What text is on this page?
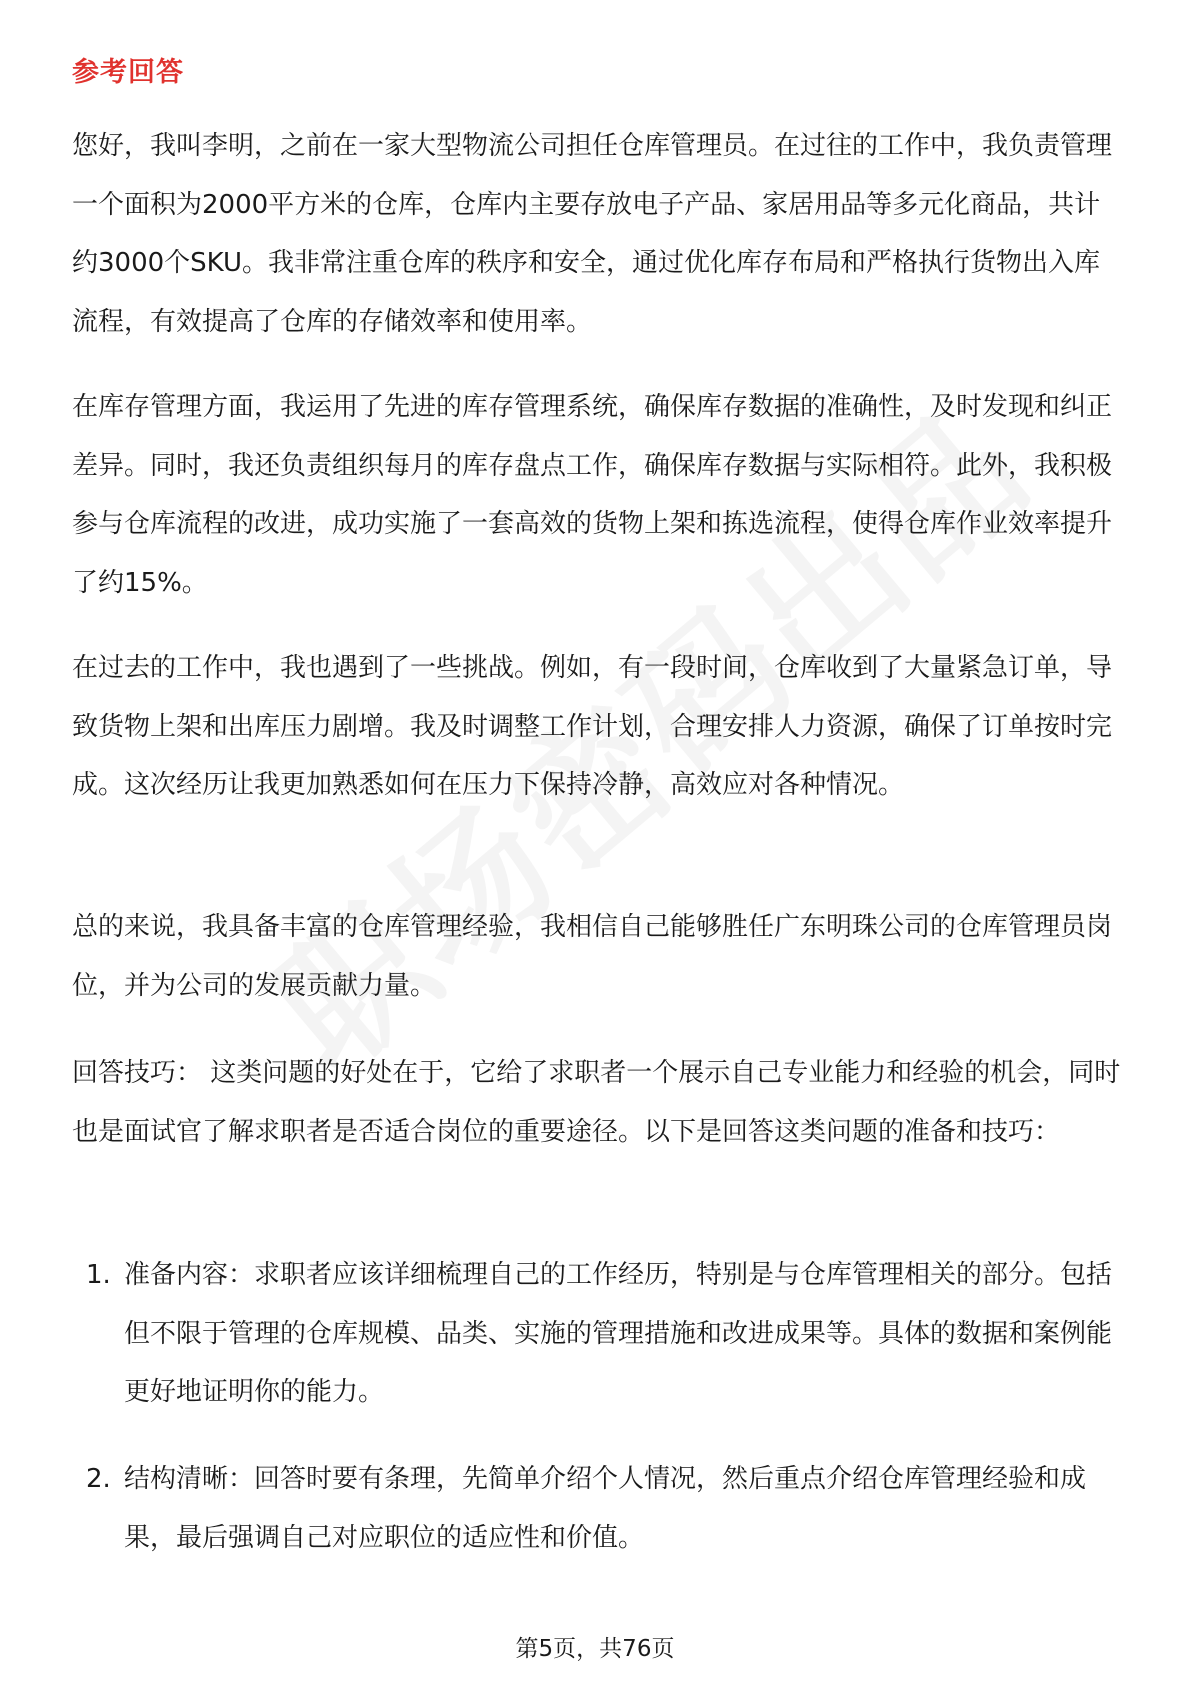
参考回答

您好，我叫李明，之前在一家大型物流公司担任仓库管理员。在过往的工作中，我负责管理一个面积为2000平方米的仓库，仓库内主要存放电子产品、家居用品等多元化商品，共计约3000个SKU。我非常注重仓库的秩序和安全，通过优化库存布局和严格执行货物出入库流程，有效提高了仓库的存储效率和使用率。

在库存管理方面，我运用了先进的库存管理系统，确保库存数据的准确性，及时发现和纠正差异。同时，我还负责组织每月的库存盘点工作，确保库存数据与实际相符。此外，我积极参与仓库流程的改进，成功实施了一套高效的货物上架和拣选流程，使得仓库作业效率提升了约15%。

在过去的工作中，我也遇到了一些挑战。例如，有一段时间，仓库收到了大量紧急订单，导致货物上架和出库压力剧增。我及时调整工作计划，合理安排人力资源，确保了订单按时完成。这次经历让我更加熟悉如何在压力下保持冷静，高效应对各种情况。

总的来说，我具备丰富的仓库管理经验，我相信自己能够胜任广东明珠公司的仓库管理员岗位，并为公司的发展贡献力量。

回答技巧： 这类问题的好处在于，它给了求职者一个展示自己专业能力和经验的机会，同时也是面试官了解求职者是否适合岗位的重要途径。以下是回答这类问题的准备和技巧：

1. 准备内容：求职者应该详细梳理自己的工作经历，特别是与仓库管理相关的部分。包括但不限于管理的仓库规模、品类、实施的管理措施和改进成果等。具体的数据和案例能更好地证明你的能力。
2. 结构清晰：回答时要有条理，先简单介绍个人情况，然后重点介绍仓库管理经验和成果，最后强调自己对应职位的适应性和价值。
第5页，共76页
